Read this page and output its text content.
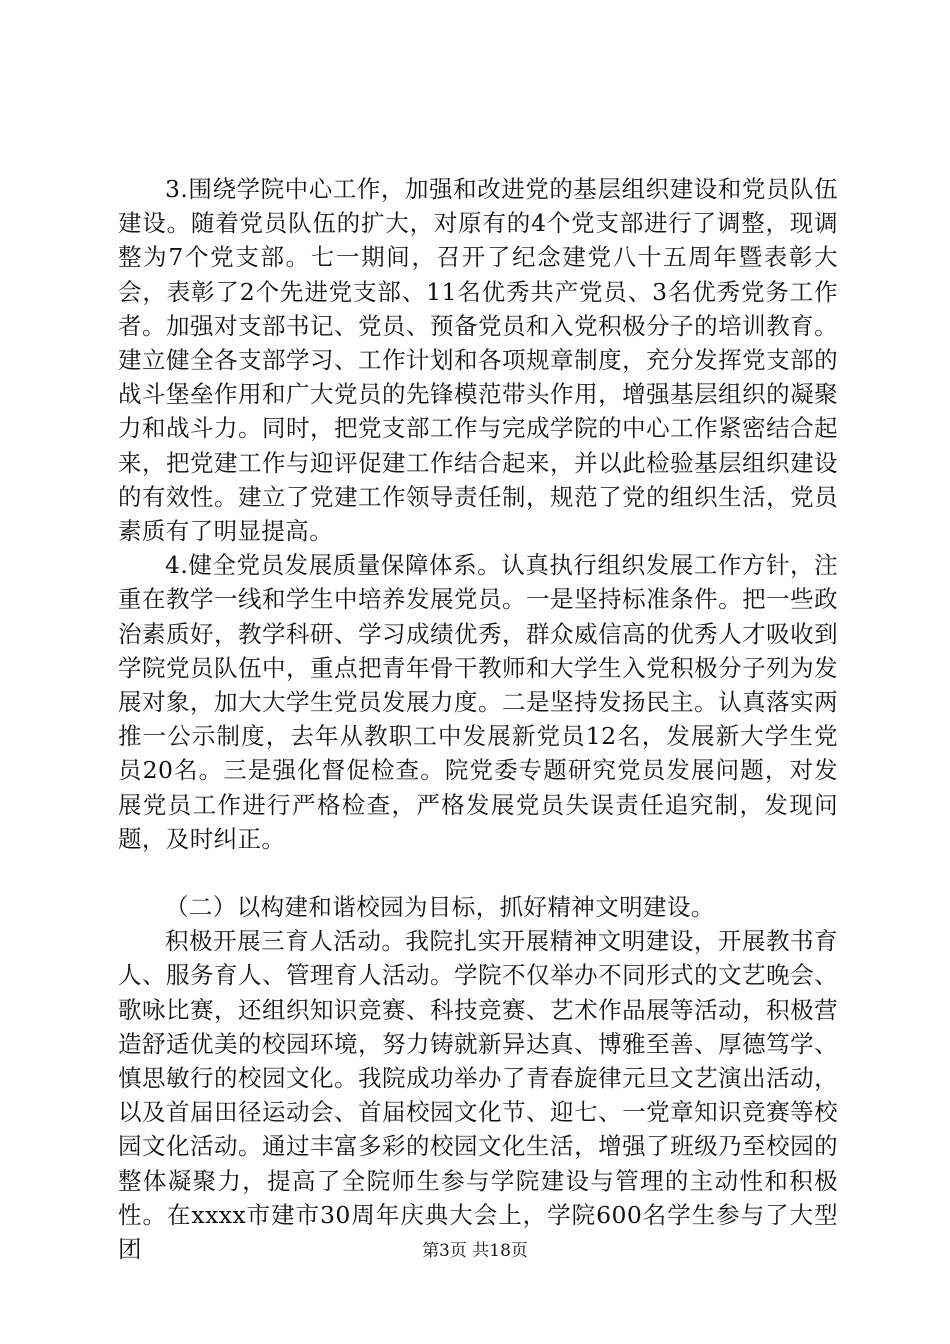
3.围绕学院中心工作，加强和改进党的基层组织建设和党员队伍建设。随着党员队伍的扩大，对原有的4个党支部进行了调整，现调整为7个党支部。七一期间，召开了纪念建党八十五周年暨表彰大会，表彰了2个先进党支部、11名优秀共产党员、3名优秀党务工作者。加强对支部书记、党员、预备党员和入党积极分子的培训教育。建立健全各支部学习、工作计划和各项规章制度，充分发挥党支部的战斗堡垒作用和广大党员的先锋模范带头作用，增强基层组织的凝聚力和战斗力。同时，把党支部工作与完成学院的中心工作紧密结合起来，把党建工作与迎评促建工作结合起来，并以此检验基层组织建设的有效性。建立了党建工作领导责任制，规范了党的组织生活，党员素质有了明显提高。

4.健全党员发展质量保障体系。认真执行组织发展工作方针，注重在教学一线和学生中培养发展党员。一是坚持标准条件。把一些政治素质好，教学科研、学习成绩优秀，群众威信高的优秀人才吸收到学院党员队伍中，重点把青年骨干教师和大学生入党积极分子列为发展对象，加大大学生党员发展力度。二是坚持发扬民主。认真落实两推一公示制度，去年从教职工中发展新党员12名，发展新大学生党员20名。三是强化督促检查。院党委专题研究党员发展问题，对发展党员工作进行严格检查，严格发展党员失误责任追究制，发现问题，及时纠正。

（二）以构建和谐校园为目标，抓好精神文明建设。

积极开展三育人活动。我院扎实开展精神文明建设，开展教书育人、服务育人、管理育人活动。学院不仅举办不同形式的文艺晚会、歌咏比赛，还组织知识竞赛、科技竞赛、艺术作品展等活动，积极营造舒适优美的校园环境，努力铸就新异达真、博雅至善、厚德笃学、慎思敏行的校园文化。我院成功举办了青春旋律元旦文艺演出活动，以及首届田径运动会、首届校园文化节、迎七、一党章知识竞赛等校园文化活动。通过丰富多彩的校园文化生活，增强了班级乃至校园的整体凝聚力，提高了全院师生参与学院建设与管理的主动性和积极性。在xxxx市建市30周年庆典大会上，学院600名学生参与了大型团	第3页 共18页
